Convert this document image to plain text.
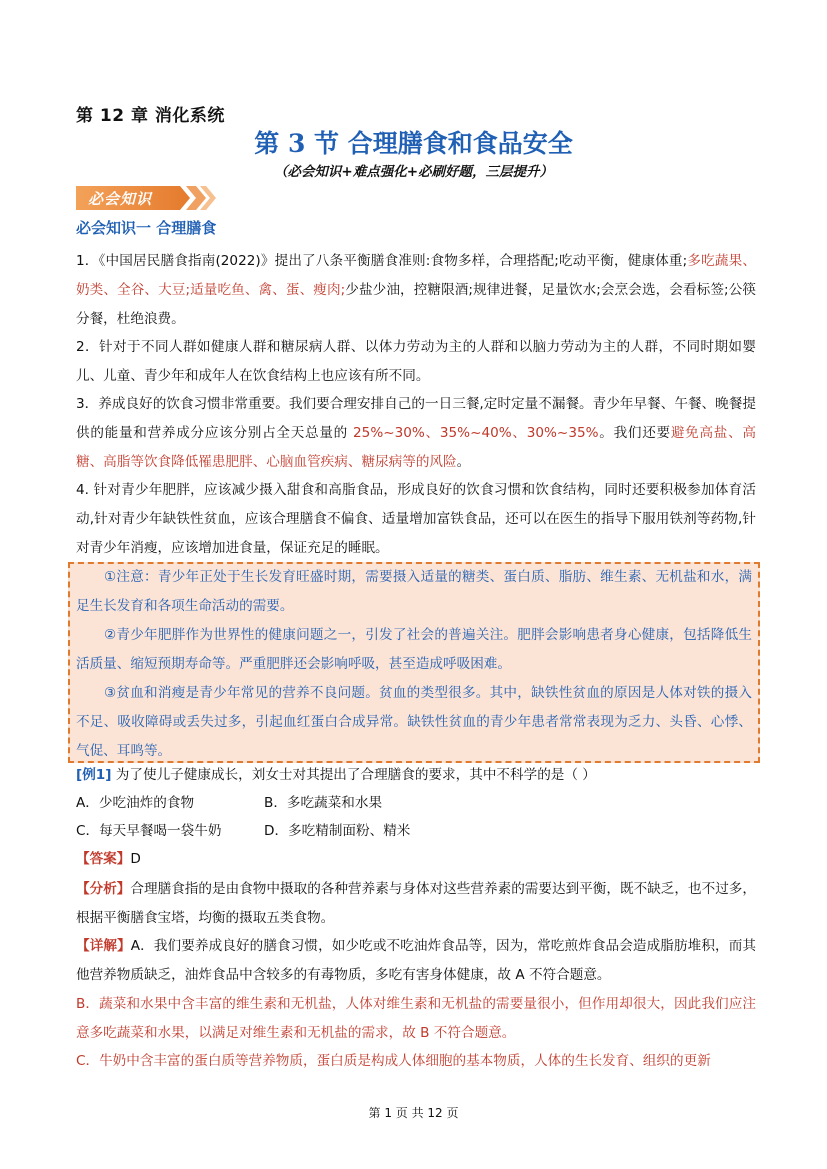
第 12 章 消化系统
第 3 节 合理膳食和食品安全
（必会知识+难点强化+必刷好题，三层提升）
必会知识
必会知识一 合理膳食
1．《中国居民膳食指南(2022)》提出了八条平衡膳食准则:食物多样，合理搭配;吃动平衡，健康体重;多吃蔬果、奶类、全谷、大豆;适量吃鱼、禽、蛋、瘦肉;少盐少油，控糖限酒;规律进餐，足量饮水;会烹会选，会看标签;公筷分餐，杜绝浪费。
2．针对于不同人群如健康人群和糖尿病人群、以体力劳动为主的人群和以脑力劳动为主的人群，不同时期如婴儿、儿童、青少年和成年人在饮食结构上也应该有所不同。
3．养成良好的饮食习惯非常重要。我们要合理安排自己的一日三餐,定时定量不漏餐。青少年早餐、午餐、晚餐提供的能量和营养成分应该分别占全天总量的 25%~30%、35%~40%、30%~35%。我们还要避免高盐、高糖、高脂等饮食降低罹患肥胖、心脑血管疾病、糖尿病等的风险。
4. 针对青少年肥胖，应该减少摄入甜食和高脂食品，形成良好的饮食习惯和饮食结构，同时还要积极参加体育活动,针对青少年缺铁性贫血，应该合理膳食不偏食、适量增加富铁食品，还可以在医生的指导下服用铁剂等药物,针对青少年消瘦，应该增加进食量，保证充足的睡眠。
①注意：青少年正处于生长发育旺盛时期，需要摄入适量的糖类、蛋白质、脂肪、维生素、无机盐和水，满足生长发育和各项生命活动的需要。
②青少年肥胖作为世界性的健康问题之一，引发了社会的普遍关注。肥胖会影响患者身心健康，包括降低生活质量、缩短预期寿命等。严重肥胖还会影响呼吸，甚至造成呼吸困难。
③贫血和消瘦是青少年常见的营养不良问题。贫血的类型很多。其中，缺铁性贫血的原因是人体对铁的摄入不足、吸收障碍或丢失过多，引起血红蛋白合成异常。缺铁性贫血的青少年患者常常表现为乏力、头昏、心悸、气促、耳鸣等。
[例1] 为了使儿子健康成长，刘女士对其提出了合理膳食的要求，其中不科学的是（ ）
A．少吃油炸的食物	B．多吃蔬菜和水果
C．每天早餐喝一袋牛奶	D．多吃精制面粉、精米
【答案】D
【分析】合理膳食指的是由食物中摄取的各种营养素与身体对这些营养素的需要达到平衡，既不缺乏，也不过多，根据平衡膳食宝塔，均衡的摄取五类食物。
【详解】A．我们要养成良好的膳食习惯，如少吃或不吃油炸食品等，因为，常吃煎炸食品会造成脂肪堆积，而其他营养物质缺乏，油炸食品中含较多的有毒物质，多吃有害身体健康，故 A 不符合题意。
B．蔬菜和水果中含丰富的维生素和无机盐，人体对维生素和无机盐的需要量很小，但作用却很大，因此我们应注意多吃蔬菜和水果，以满足对维生素和无机盐的需求，故 B 不符合题意。
C．牛奶中含丰富的蛋白质等营养物质，蛋白质是构成人体细胞的基本物质，人体的生长发育、组织的更新
第 1 页 共 12 页
